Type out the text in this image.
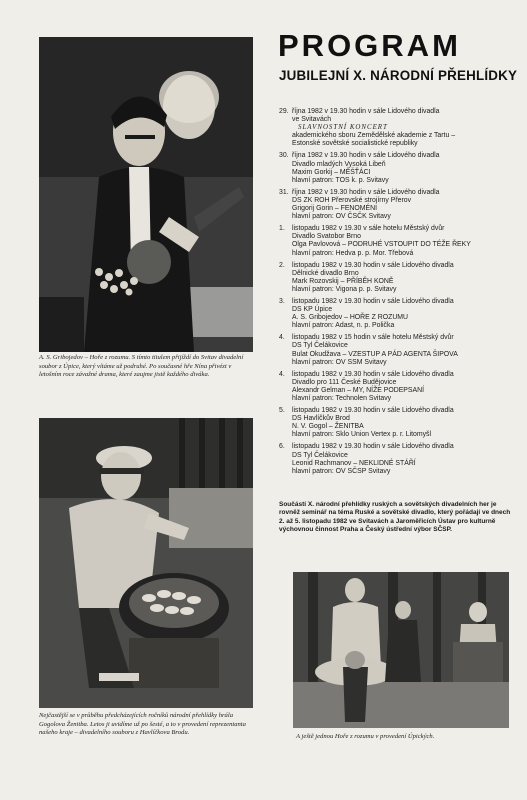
A. S. Gribojedov – Hoře z rozumu. S tímto titulem přijíždí do Svitav divadelní soubor z Úpice, který vítáme už podruhé. Po současné hře Nína přivézt v letošním roce závažné drama, které zaujme jistě každého diváka.
PROGRAM
JUBILEJNÍ X. NÁRODNÍ PŘEHLÍDKY
29. října 1982 v 19.30 hodin v sále Lidového divadla
ve Svitavách
SLAVNOSTNÍ KONCERT
akademického sboru Zemědělské akademie z Tartu –
Estonské sovětské socialistické republiky
30. října 1982 v 19.30 hodin v sále Lidového divadla
Divadlo mladých Vysoká Libeň
Maxim Gorkij – MĚŠŤÁCI
hlavní patron: TOS k. p. Svitavy
31. října 1982 v 19.30 hodin v sále Lidového divadla
DS ZK ROH Přerovské strojírny Přerov
Grigorij Gorin – FENOMÉNI
hlavní patron: OV ČSČK Svitavy
1. listopadu 1982 v 19.30 v sále hotelu Městský dvůr
Divadlo Svatobor Brno
Olga Pavlovová – PODRUHÉ VSTOUPIT DO TÉŽE ŘEKY
hlavní patron: Hedva p. p. Mor. Třebová
2. listopadu 1982 v 19.30 hodin v sále Lidového divadla
Dělnické divadlo Brno
Mark Rozovskij – PŘÍBĚH KONĚ
hlavní patron: Vigona p. p. Svitavy
3. listopadu 1982 v 19.30 hodin v sále Lidového divadla
DS KP Úpice
A. S. Gribojedov – HOŘE Z ROZUMU
hlavní patron: Adast, n. p. Polička
4. listopadu 1982 v 15 hodin v sále hotelu Městský dvůr
DS Tyl Čelákovice
Bulat Okudžava – VZESTUP A PÁD AGENTA ŠIPOVA
hlavní patron: OV SSM Svitavy
4. listopadu 1982 v 19.30 hodin v sále Lidového divadla
Divadlo pro 111 České Budějovice
Alexandr Gelman – MY, NÍŽE PODEPSANÍ
hlavní patron: Technolen Svitavy
5. listopadu 1982 v 19.30 hodin v sále Lidového divadla
DS Havlíčkův Brod
N. V. Gogol – ŽENITBA
hlavní patron: Sklo Union Vertex p. r. Litomyšl
6. listopadu 1982 v 19.30 hodin v sále Lidového divadla
DS Tyl Čelákovice
Leonid Rachmanov – NEKLIDNÉ STÁŘÍ
hlavní patron: OV SČSP Svitavy
Součástí X. národní přehlídky ruských a sovětských divadelních her je rovněž seminář na téma Ruské a sovětské divadlo, který pořádají ve dnech 2. až 5. listopadu 1982 ve Svitavách a Jaroměřicích Ústav pro kulturně výchovnou činnost Praha a Český ústřední výbor SČSP.
Nejčastější se v průběhu předcházejících ročníků národní přehlídky hrála Gogolova Ženitba. Letos ji uvidíme už po šesté, a to v provedení reprezentanta našeho kraje – divadelního souboru z Havlíčkova Brodu.
A ještě jednou Hoře z rozumu v provedení Úpických.
